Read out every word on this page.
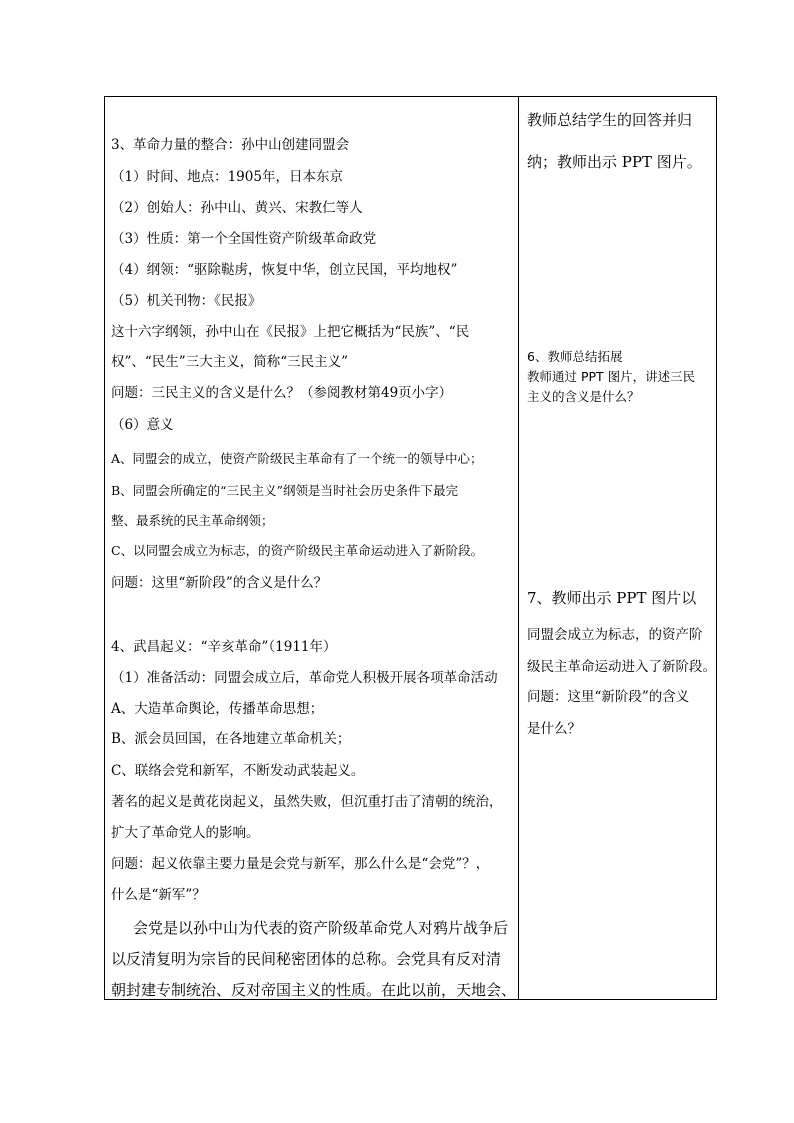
3、革命力量的整合：孙中山创建同盟会
（1）时间、地点：1905年，日本东京
（2）创始人：孙中山、黄兴、宋教仁等人
（3）性质：第一个全国性资产阶级革命政党
（4）纲领：“驱除鞑虏，恢复中华，创立民国，平均地权”
（5）机关刊物：《民报》
这十六字纲领，孙中山在《民报》上把它概括为“民族”、“民
权”、“民生”三大主义，简称“三民主义”
问题：三民主义的含义是什么？（参阅教材第49页小字）
（6）意义
A、同盟会的成立，使资产阶级民主革命有了一个统一的领导中心；
B、同盟会所确定的“三民主义”纲领是当时社会历史条件下最完
整、最系统的民主革命纲领；
C、以同盟会成立为标志，的资产阶级民主革命运动进入了新阶段。
问题：这里“新阶段”的含义是什么？
4、武昌起义：“辛亥革命”（1911年）
（1）准备活动：同盟会成立后，革命党人积极开展各项革命活动
A、大造革命舆论，传播革命思想；
B、派会员回国，在各地建立革命机关；
C、联络会党和新军，不断发动武装起义。
著名的起义是黄花岗起义，虽然失败，但沉重打击了清朝的统治，
扩大了革命党人的影响。
问题：起义依靠主要力量是会党与新军，那么什么是“会党”？，
什么是“新军”？
会党是以孙中山为代表的资产阶级革命党人对鸦片战争后
以反清复明为宗旨的民间秘密团体的总称。会党具有反对清
朝封建专制统治、反对帝国主义的性质。在此以前，天地会、
教师总结学生的回答并归
纳；教师出示 PPT 图片。
6、教师总结拓展
教师通过 PPT 图片，讲述三民
主义的含义是什么？
7、教师出示 PPT 图片以
同盟会成立为标志，的资产阶
级民主革命运动进入了新阶段。
问题：这里“新阶段”的含义
是什么？
